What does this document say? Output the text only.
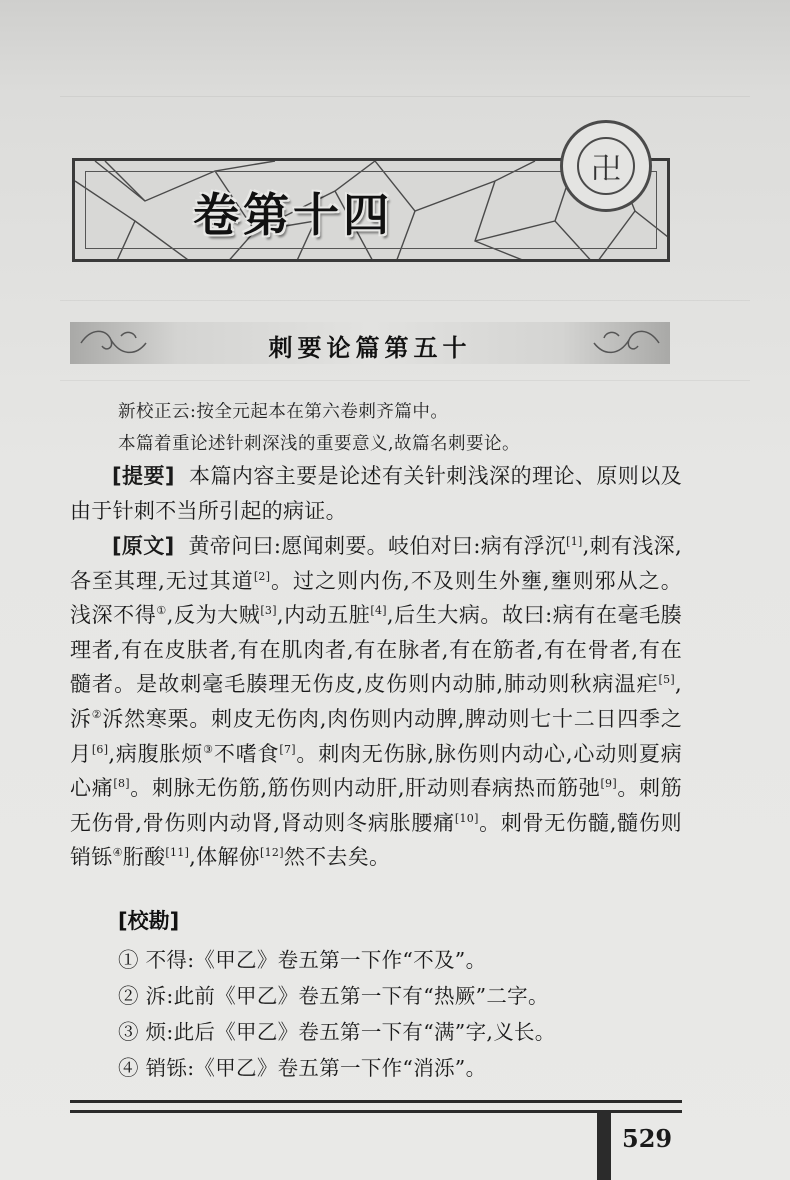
卷第十四
卍
刺要论篇第五十
新校正云:按全元起本在第六卷刺齐篇中。
本篇着重论述针刺深浅的重要意义,故篇名刺要论。
[提要] 本篇内容主要是论述有关针刺浅深的理论、原则以及由于针刺不当所引起的病证。
[原文] 黄帝问曰:愿闻刺要。岐伯对曰:病有浮沉[1],刺有浅深,各至其理,无过其道[2]。过之则内伤,不及则生外壅,壅则邪从之。浅深不得①,反为大贼[3],内动五脏[4],后生大病。故曰:病有在毫毛腠理者,有在皮肤者,有在肌肉者,有在脉者,有在筋者,有在骨者,有在髓者。是故刺毫毛腠理无伤皮,皮伤则内动肺,肺动则秋病温疟[5],泝②泝然寒栗。刺皮无伤肉,肉伤则内动脾,脾动则七十二日四季之月[6],病腹胀烦③不嗜食[7]。刺肉无伤脉,脉伤则内动心,心动则夏病心痛[8]。刺脉无伤筋,筋伤则内动肝,肝动则春病热而筋弛[9]。刺筋无伤骨,骨伤则内动肾,肾动则冬病胀腰痛[10]。刺骨无伤髓,髓伤则销铄④胻酸[11],体解㑊[12]然不去矣。
[校勘]
① 不得:《甲乙》卷五第一下作“不及”。
② 泝:此前《甲乙》卷五第一下有“热厥”二字。
③ 烦:此后《甲乙》卷五第一下有“满”字,义长。
④ 销铄:《甲乙》卷五第一下作“消泺”。
529
